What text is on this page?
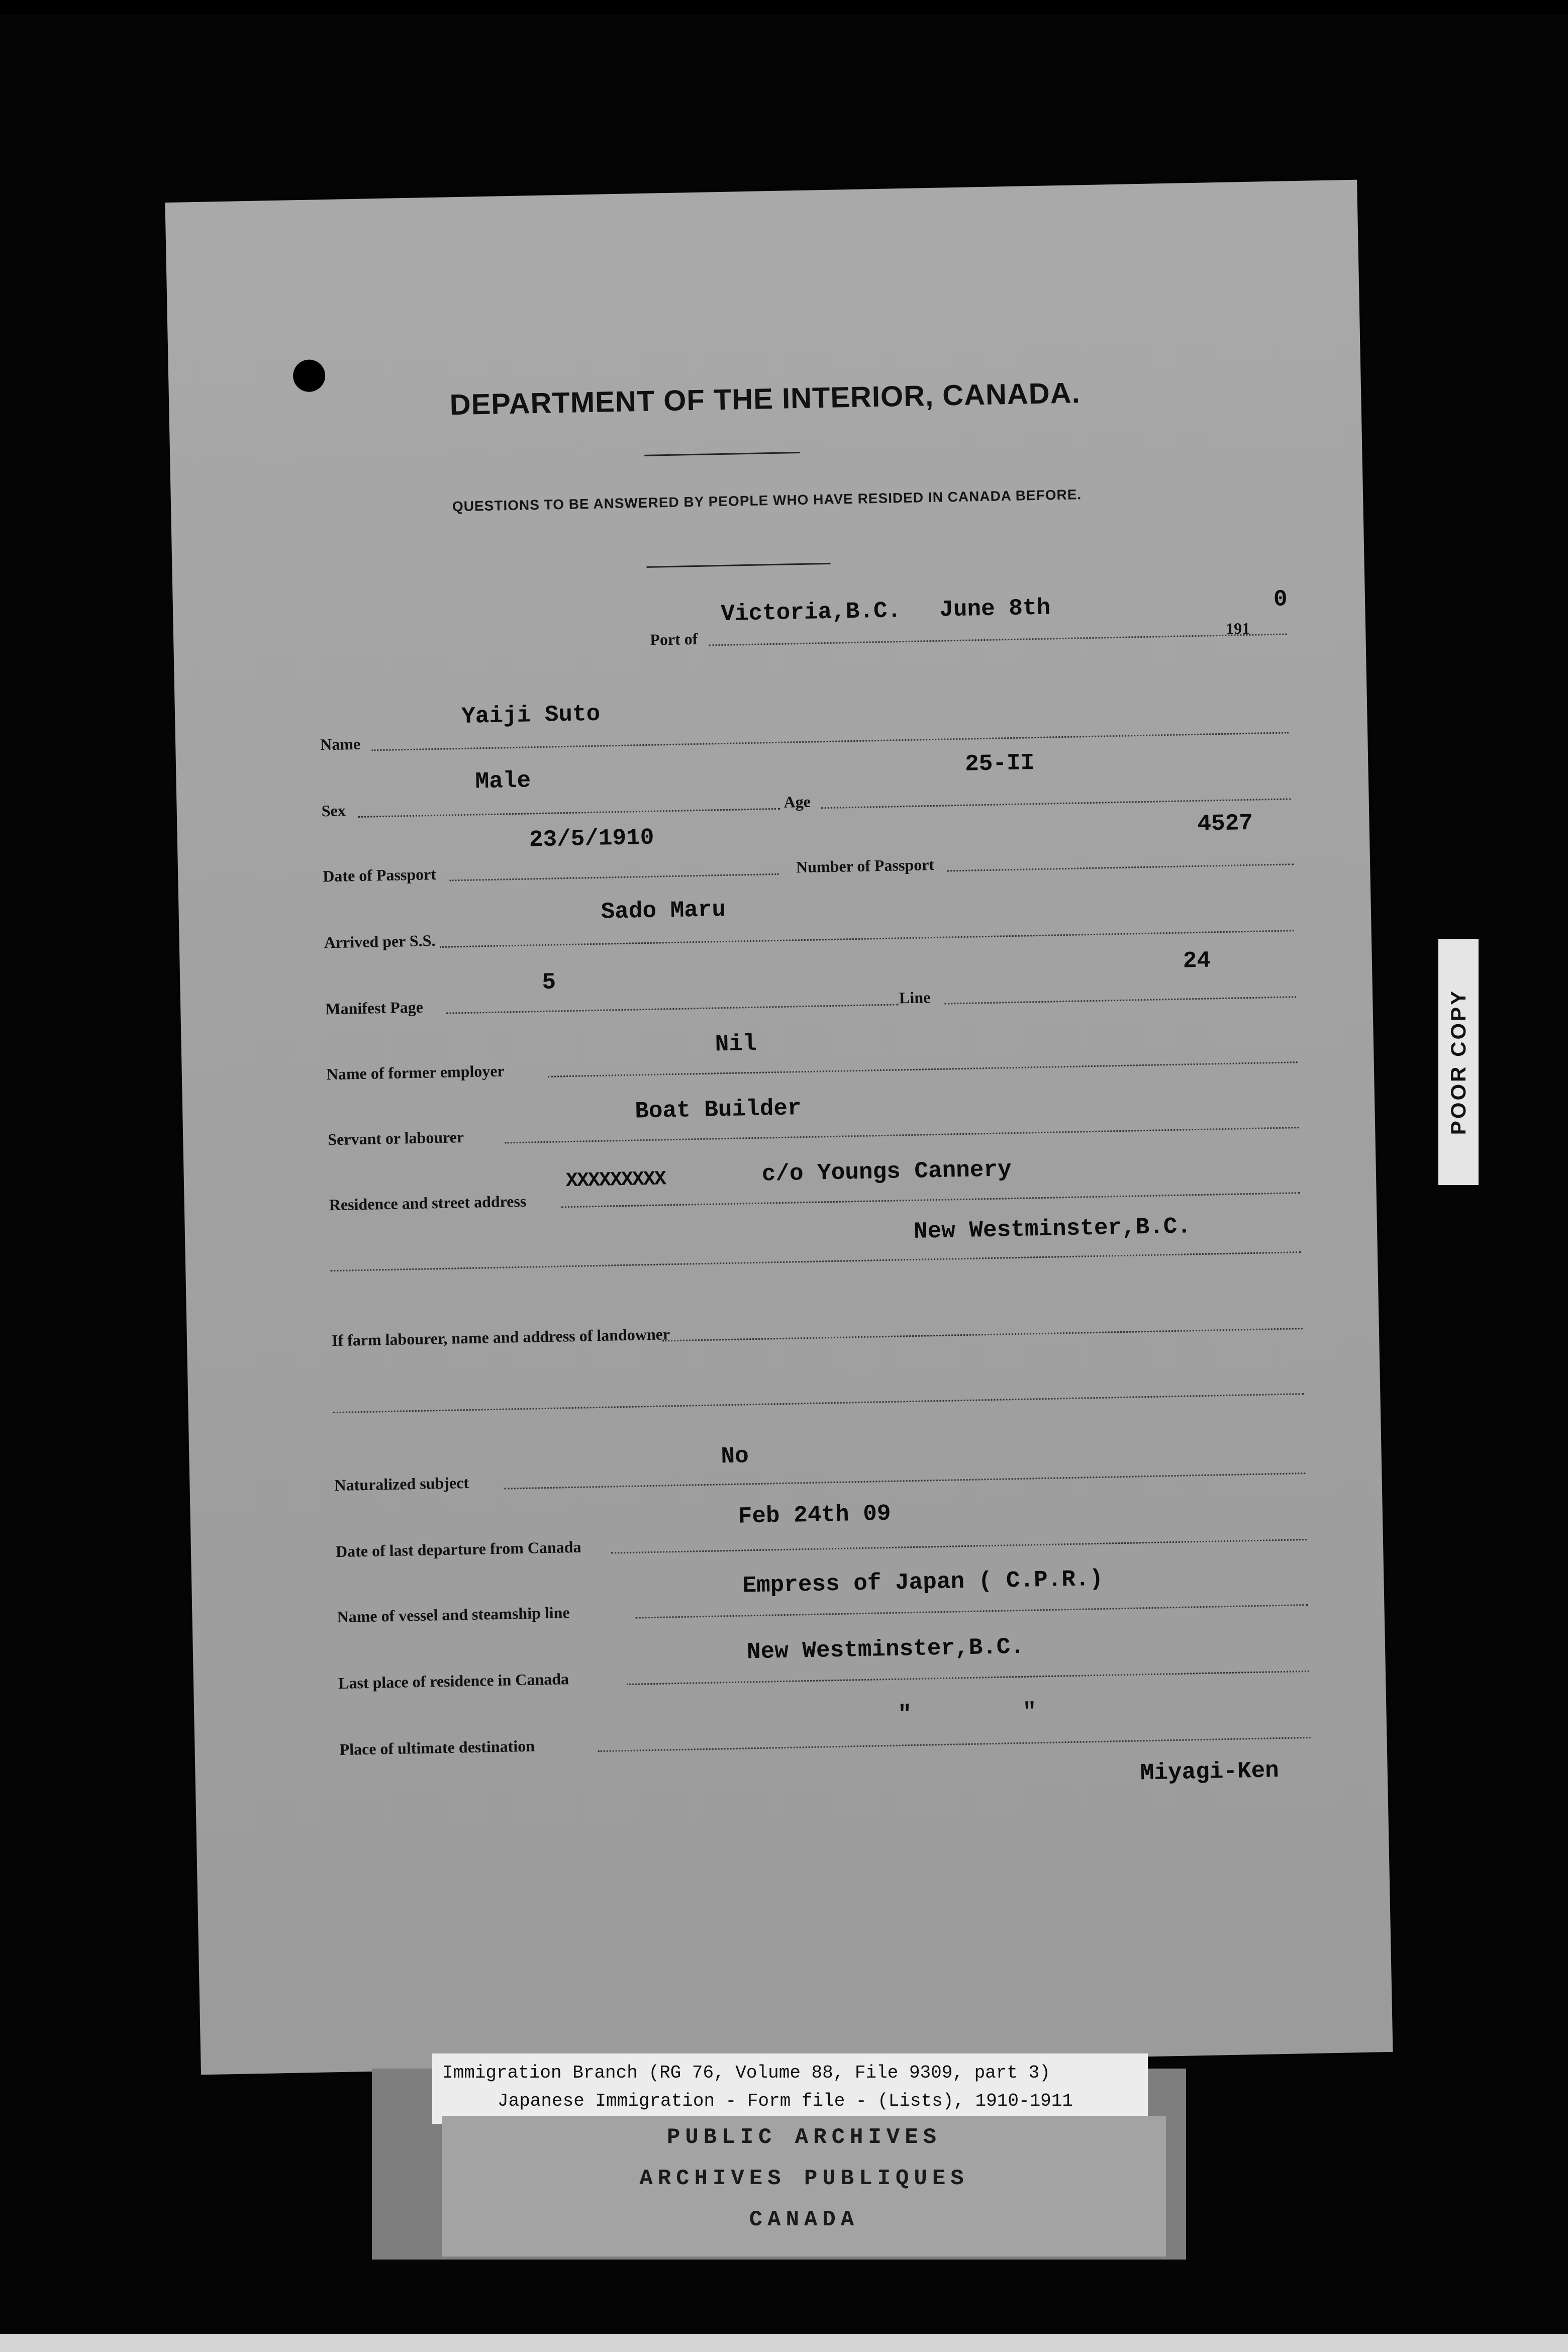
DEPARTMENT OF THE INTERIOR, CANADA.
QUESTIONS TO BE ANSWERED BY PEOPLE WHO HAVE RESIDED IN CANADA BEFORE.
Port of
Victoria,B.C. June 8th
191
0
Name
Yaiji Suto
Sex
Male
Age
25-II
Date of Passport
23/5/1910
Number of Passport
4527
Arrived per S.S.
Sado Maru
Manifest Page
5
Line
24
Name of former employer
Nil
Servant or labourer
Boat Builder
Residence and street address
XXXXXXXXX	c/o Youngs Cannery
New Westminster,B.C.
If farm labourer, name and address of landowner
Naturalized subject
No
Date of last departure from Canada
Feb 24th 09
Name of vessel and steamship line
Empress of Japan ( C.P.R.)
Last place of residence in Canada
New Westminster,B.C.
Place of ultimate destination
"        "
Miyagi-Ken
POOR COPY
Immigration Branch (RG 76, Volume 88, File 9309, part 3)
Japanese Immigration - Form file - (Lists), 1910-1911
PUBLIC ARCHIVES
ARCHIVES PUBLIQUES
CANADA
